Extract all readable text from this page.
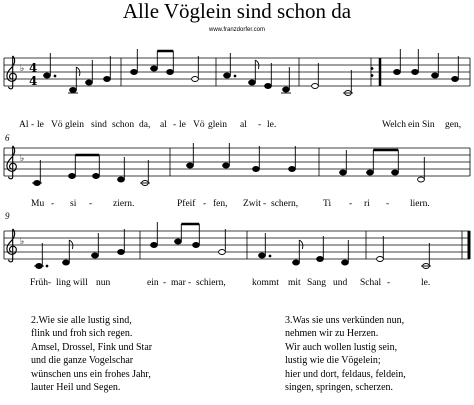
Alle Vöglein sind schon da
www.franzdorfer.com
♭ 4
4
Al - le Vö glein sind schon da, al - le Vö glein al - le.	Welch ein Sin gen,
6
♭
Mu - si - ziern.	Pfeif - fen, Zwit - schern,	Ti - ri - liern.
9
♭
Früh - ling will nun	ein - mar - schiern,	kommt mit Sang und Schal -	le.
2.Wie sie alle lustig sind,
flink und froh sich regen.
Amsel, Drossel, Fink und Star
und die ganze Vogelschar
wünschen uns ein frohes Jahr,
lauter Heil und Segen.
3.Was sie uns verkünden nun,
nehmen wir zu Herzen.
Wir auch wollen lustig sein,
lustig wie die Vögelein;
hier und dort, feldaus, feldein,
singen, springen, scherzen.
